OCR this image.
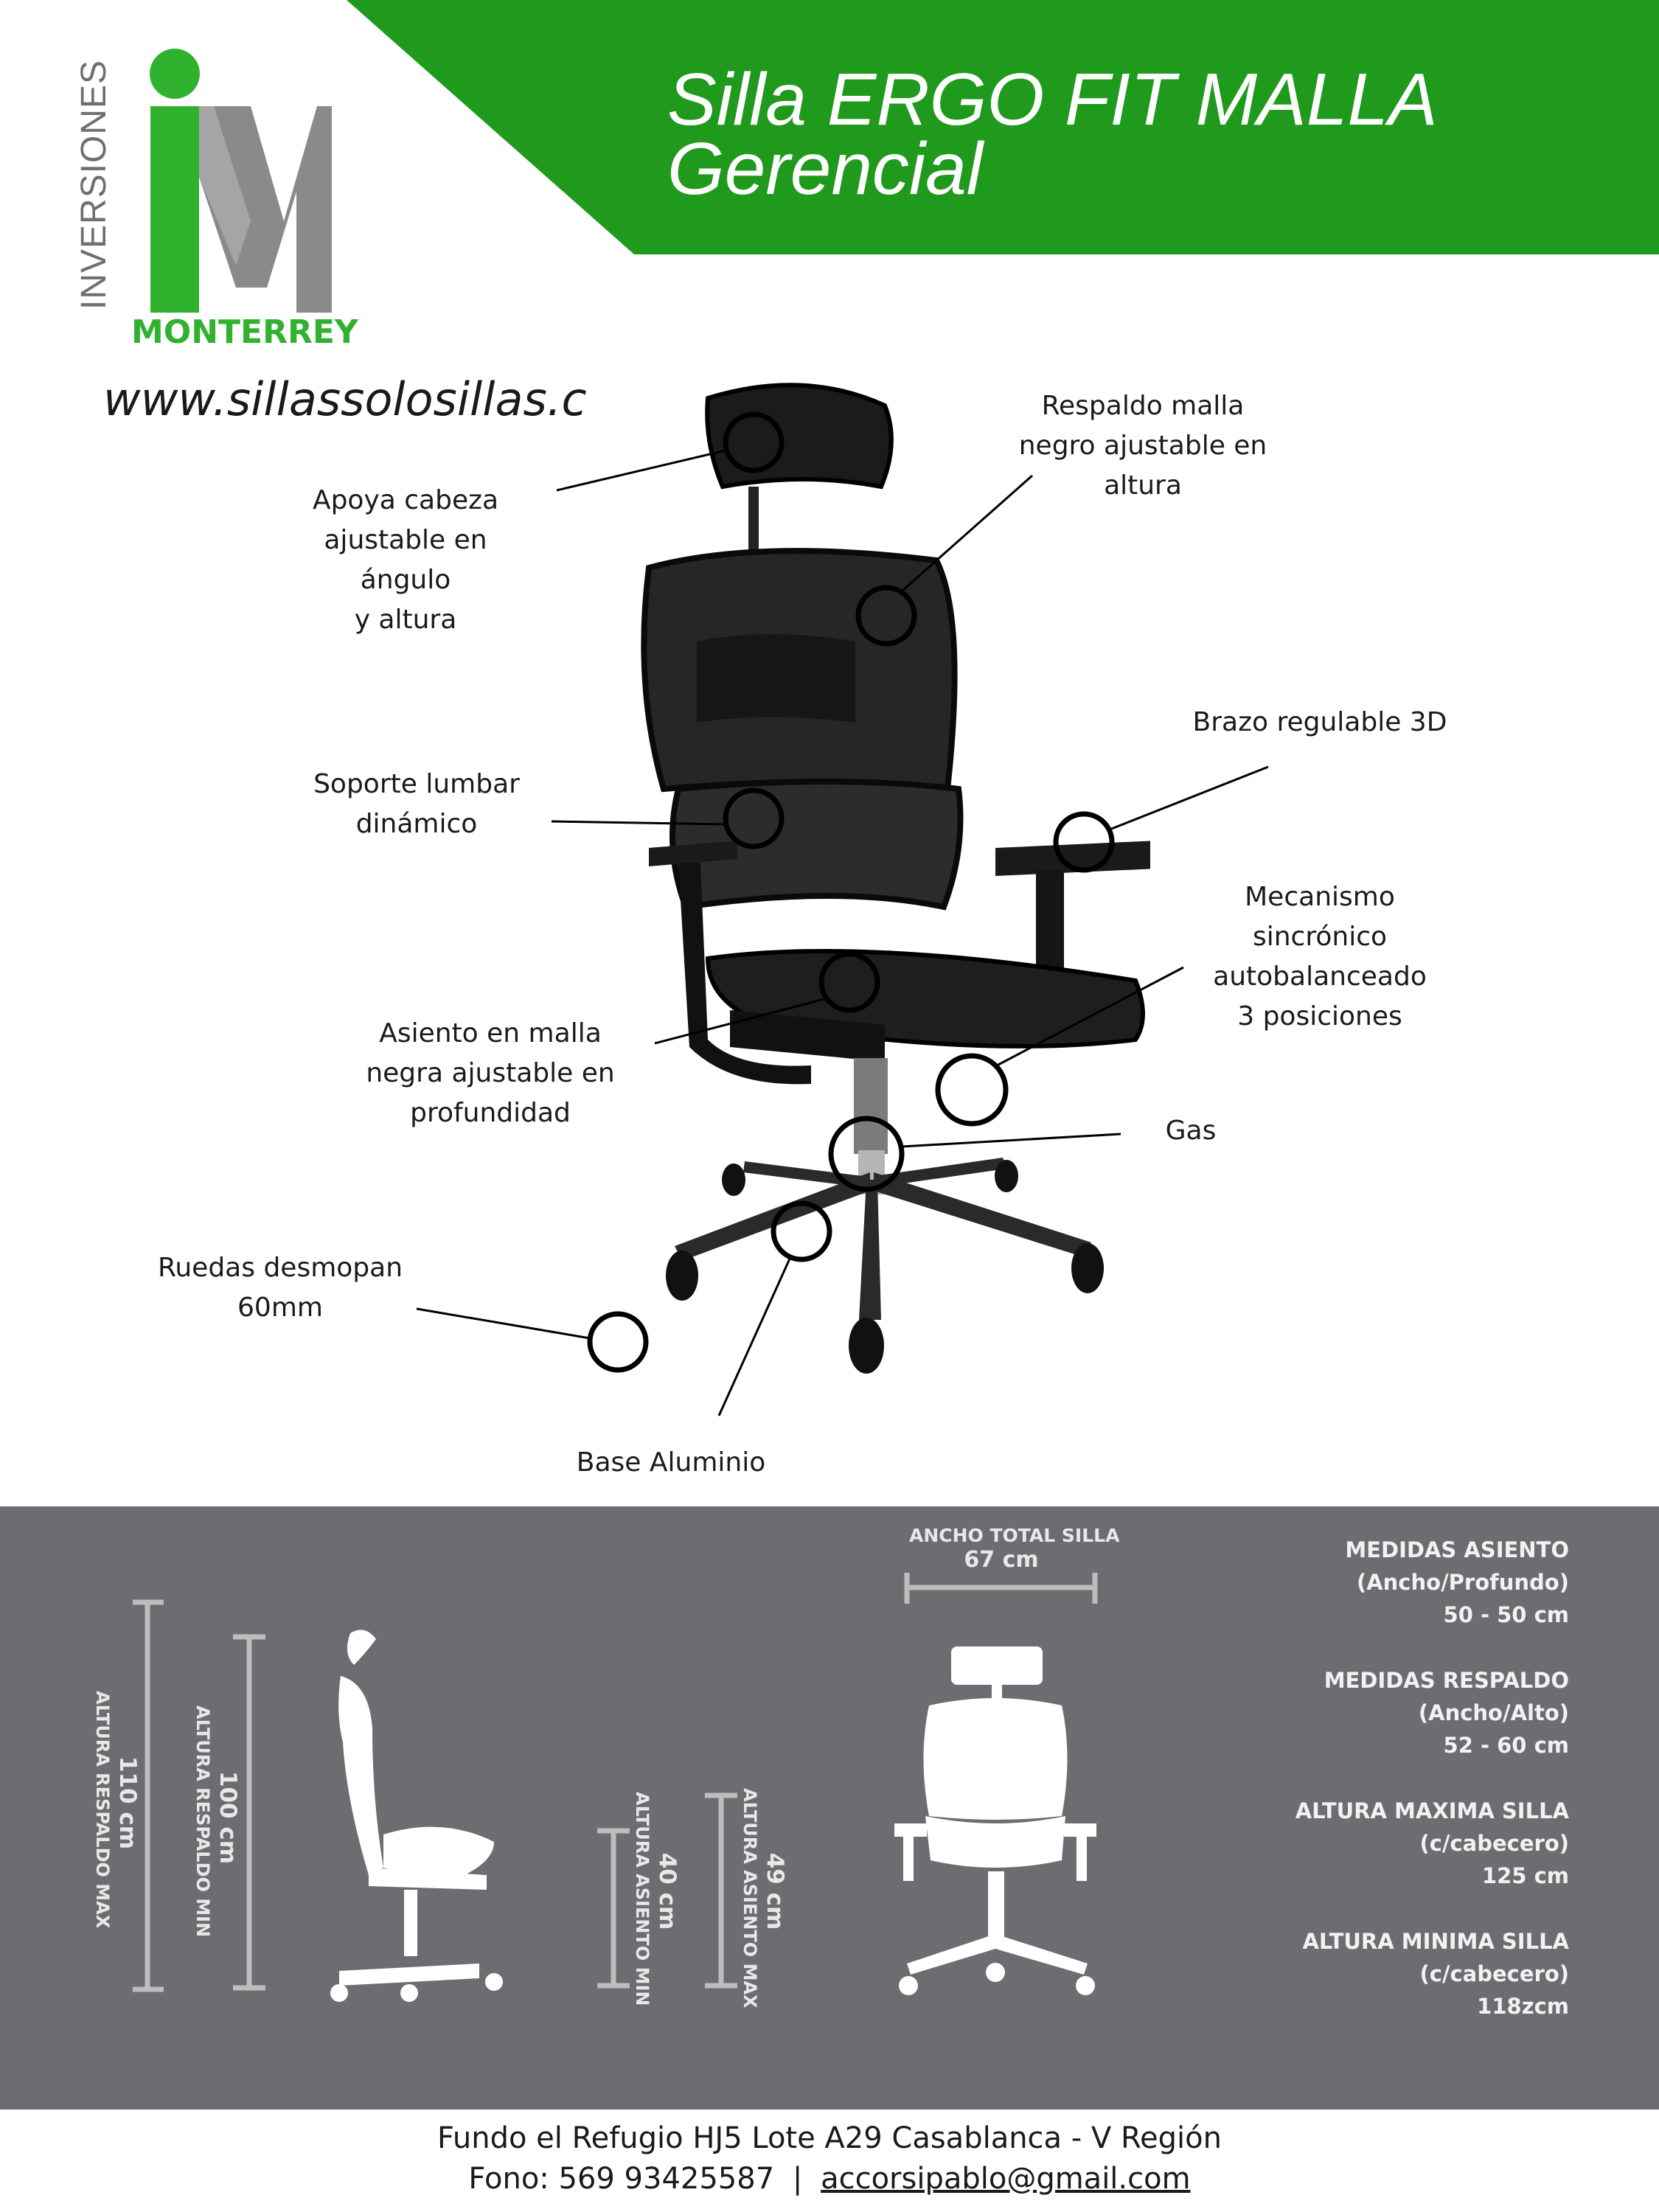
Silla ERGO FIT MALLA
Gerencial
INVERSIONES
MONTERREY
www.sillassolosillas.c
Apoya cabeza
ajustable en ángulo
y altura
Respaldo malla
negro ajustable en
altura
Brazo regulable 3D
Soporte lumbar
dinámico
Mecanismo
sincrónico
autobalanceado
3 posiciones
Asiento en malla
negra ajustable en
profundidad
Gas
Ruedas desmopan
60mm
Base Aluminio
ANCHO TOTAL SILLA
67 cm
110 cm
ALTURA RESPALDO MAX	100 cm
ALTURA RESPALDO MIN	40 cm
ALTURA ASIENTO MIN	49 cm
ALTURA ASIENTO MAX
MEDIDAS ASIENTO
(Ancho/Profundo)
50 - 50 cm
MEDIDAS RESPALDO
(Ancho/Alto)
52 - 60 cm
ALTURA MAXIMA SILLA
(c/cabecero)
125 cm
ALTURA MINIMA SILLA
(c/cabecero)
118zcm
Fundo el Refugio HJ5 Lote A29 Casablanca - V Región
Fono: 569 93425587 | accorsipablo@gmail.com
